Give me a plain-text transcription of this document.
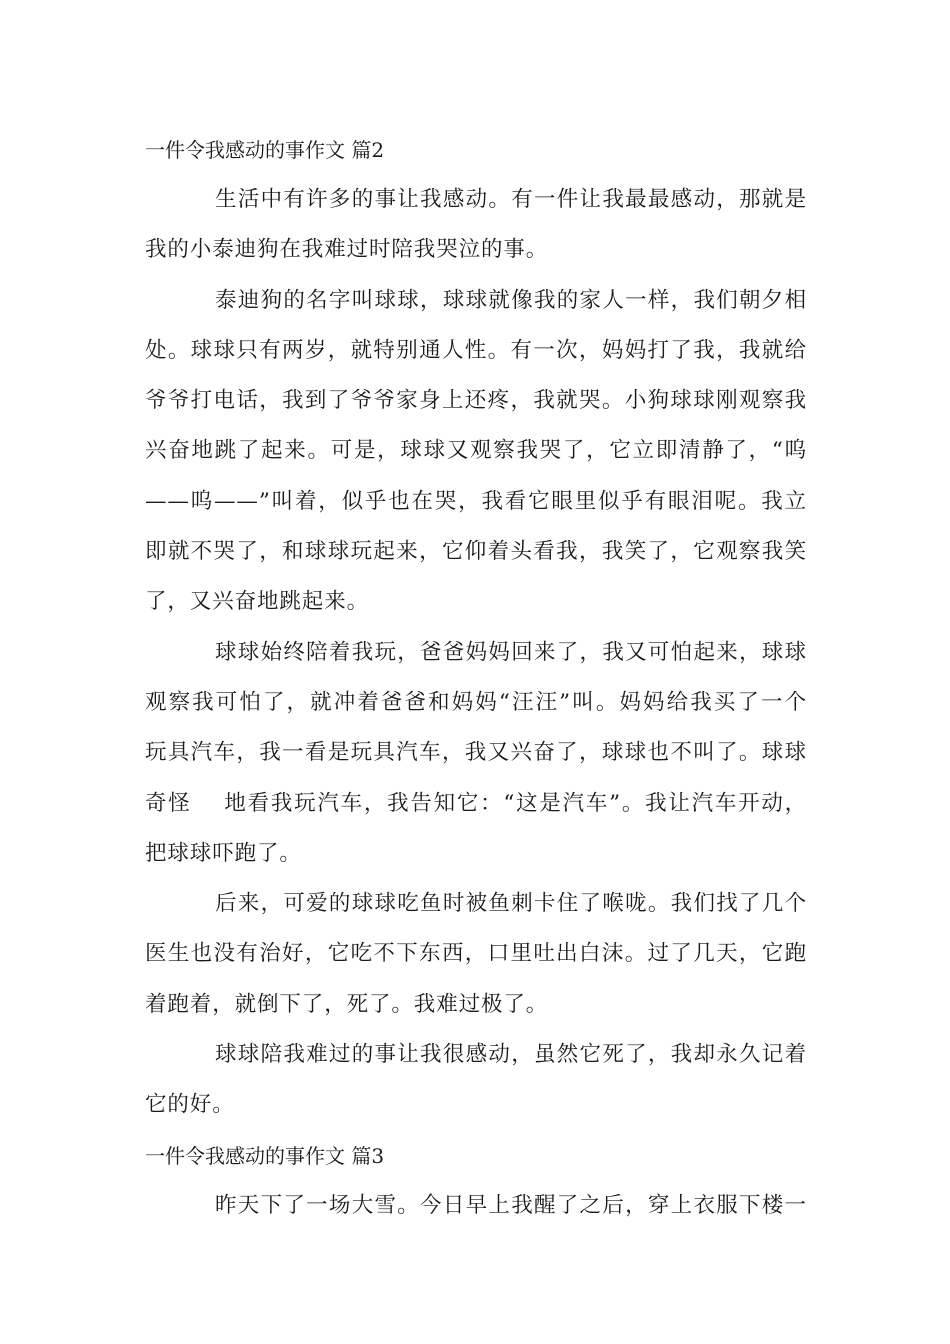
一件令我感动的事作文 篇2

生活中有许多的事让我感动。有一件让我最最感动，那就是
我的小泰迪狗在我难过时陪我哭泣的事。

泰迪狗的名字叫球球，球球就像我的家人一样，我们朝夕相
处。球球只有两岁，就特别通人性。有一次，妈妈打了我，我就给
爷爷打电话，我到了爷爷家身上还疼，我就哭。小狗球球刚观察我
兴奋地跳了起来。可是，球球又观察我哭了，它立即清静了，“呜
——呜——”叫着，似乎也在哭，我看它眼里似乎有眼泪呢。我立
即就不哭了，和球球玩起来，它仰着头看我，我笑了，它观察我笑
了，又兴奋地跳起来。

球球始终陪着我玩，爸爸妈妈回来了，我又可怕起来，球球
观察我可怕了，就冲着爸爸和妈妈“汪汪”叫。妈妈给我买了一个
玩具汽车，我一看是玩具汽车，我又兴奋了，球球也不叫了。球球
奇怪 地看我玩汽车，我告知它：“这是汽车”。我让汽车开动，
把球球吓跑了。

后来，可爱的球球吃鱼时被鱼刺卡住了喉咙。我们找了几个
医生也没有治好，它吃不下东西，口里吐出白沫。过了几天，它跑
着跑着，就倒下了，死了。我难过极了。

球球陪我难过的事让我很感动，虽然它死了，我却永久记着
它的好。

一件令我感动的事作文 篇3

昨天下了一场大雪。今日早上我醒了之后，穿上衣服下楼一
